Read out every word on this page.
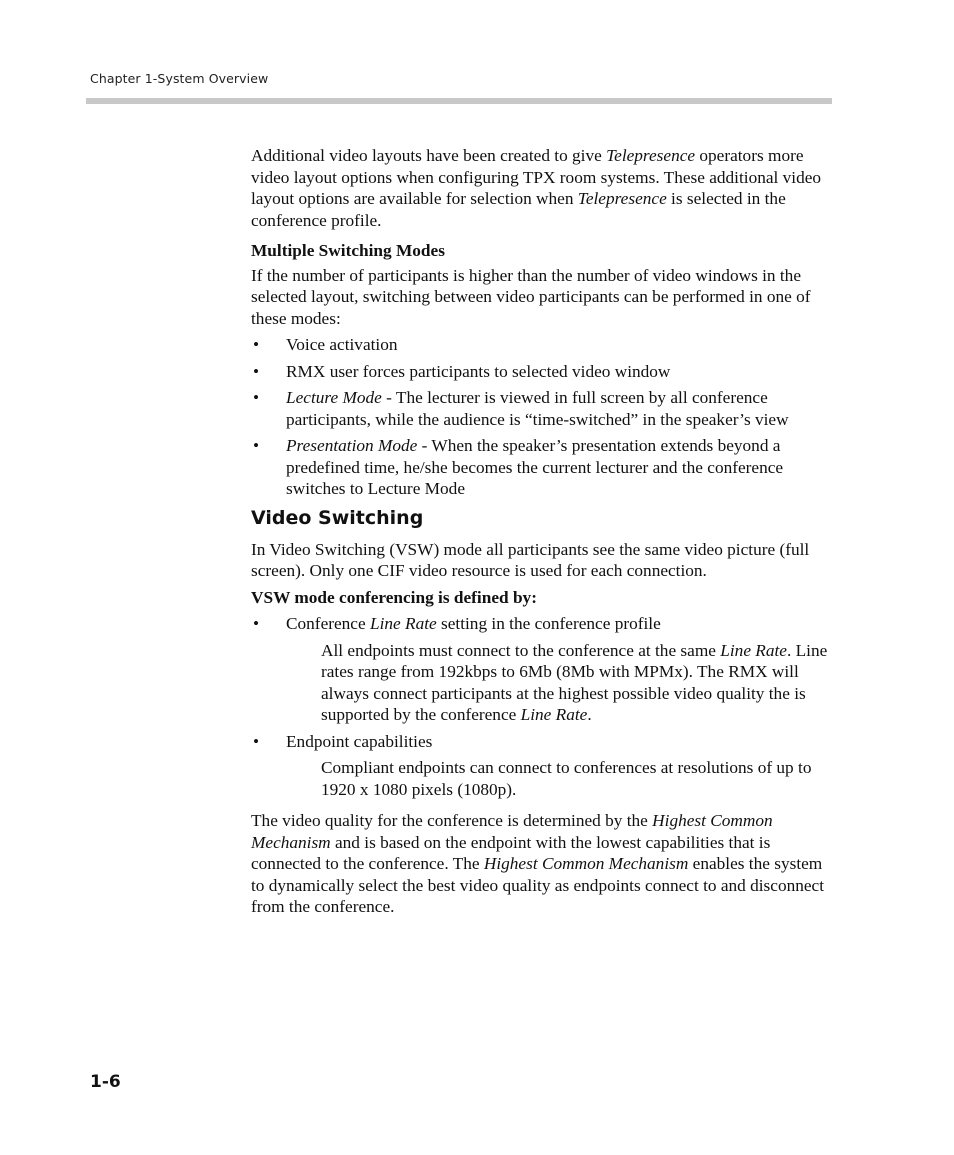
Chapter 1-System Overview

Additional video layouts have been created to give Telepresence operators more video layout options when configuring TPX room systems. These additional video layout options are available for selection when Telepresence is selected in the conference profile.

Multiple Switching Modes

If the number of participants is higher than the number of video windows in the selected layout, switching between video participants can be performed in one of these modes:

• Voice activation
• RMX user forces participants to selected video window
• Lecture Mode - The lecturer is viewed in full screen by all conference participants, while the audience is “time-switched” in the speaker’s view
• Presentation Mode - When the speaker’s presentation extends beyond a predefined time, he/she becomes the current lecturer and the conference switches to Lecture Mode
Video Switching

In Video Switching (VSW) mode all participants see the same video picture (full screen). Only one CIF video resource is used for each connection.

VSW mode conferencing is defined by:

• Conference Line Rate setting in the conference profile

All endpoints must connect to the conference at the same Line Rate. Line rates range from 192kbps to 6Mb (8Mb with MPMx). The RMX will always connect participants at the highest possible video quality the is supported by the conference Line Rate.

• Endpoint capabilities

Compliant endpoints can connect to conferences at resolutions of up to 1920 x 1080 pixels (1080p).

The video quality for the conference is determined by the Highest Common Mechanism and is based on the endpoint with the lowest capabilities that is connected to the conference. The Highest Common Mechanism enables the system to dynamically select the best video quality as endpoints connect to and disconnect from the conference.

1-6
